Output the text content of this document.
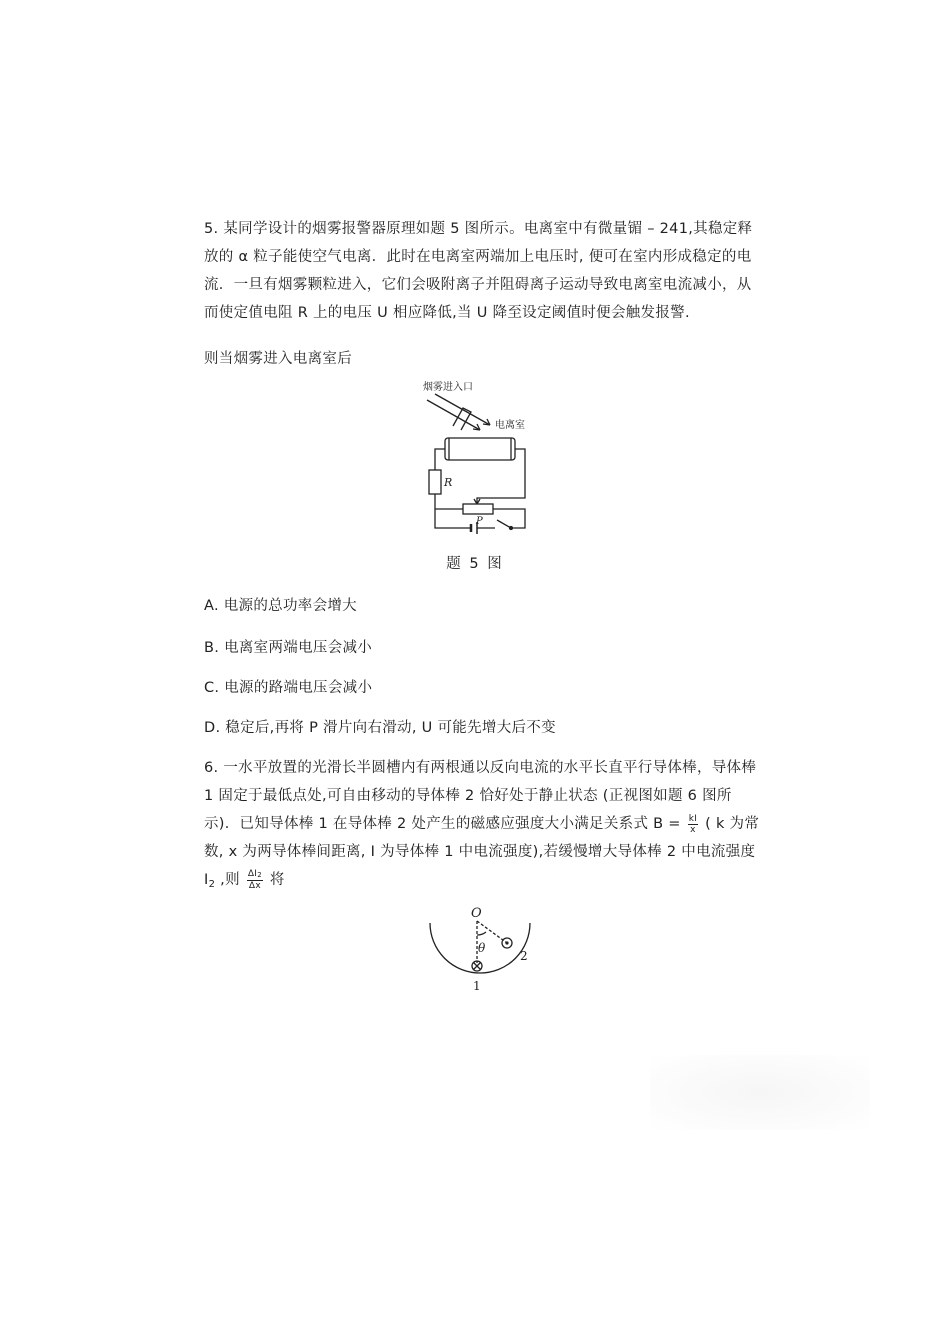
5. 某同学设计的烟雾报警器原理如题 5 图所示。电离室中有微量镅 – 241,其稳定释放的 α 粒子能使空气电离．此时在电离室两端加上电压时, 便可在室内形成稳定的电流．一旦有烟雾颗粒进入，它们会吸附离子并阻碍离子运动导致电离室电流减小，从而使定值电阻 R 上的电压 U 相应降低,当 U 降至设定阈值时便会触发报警.
则当烟雾进入电离室后
烟雾进入口
电离室
R
P
题 5 图
A. 电源的总功率会增大
B. 电离室两端电压会减小
C. 电源的路端电压会减小
D. 稳定后,再将 P 滑片向右滑动, U 可能先增大后不变
6. 一水平放置的光滑长半圆槽内有两根通以反向电流的水平长直平行导体棒，导体棒 1 固定于最低点处,可自由移动的导体棒 2 恰好处于静止状态 (正视图如题 6 图所示)．已知导体棒 1 在导体棒 2 处产生的磁感应强度大小满足关系式 $B = \frac{kI}{x}$ ( k 为常数, x 为两导体棒间距离, I 为导体棒 1 中电流强度),若缓慢增大导体棒 2 中电流强度 $I_2$ ,则 $\frac{\Delta I2}{\Delta x}$ 将
O
θ
1
2
